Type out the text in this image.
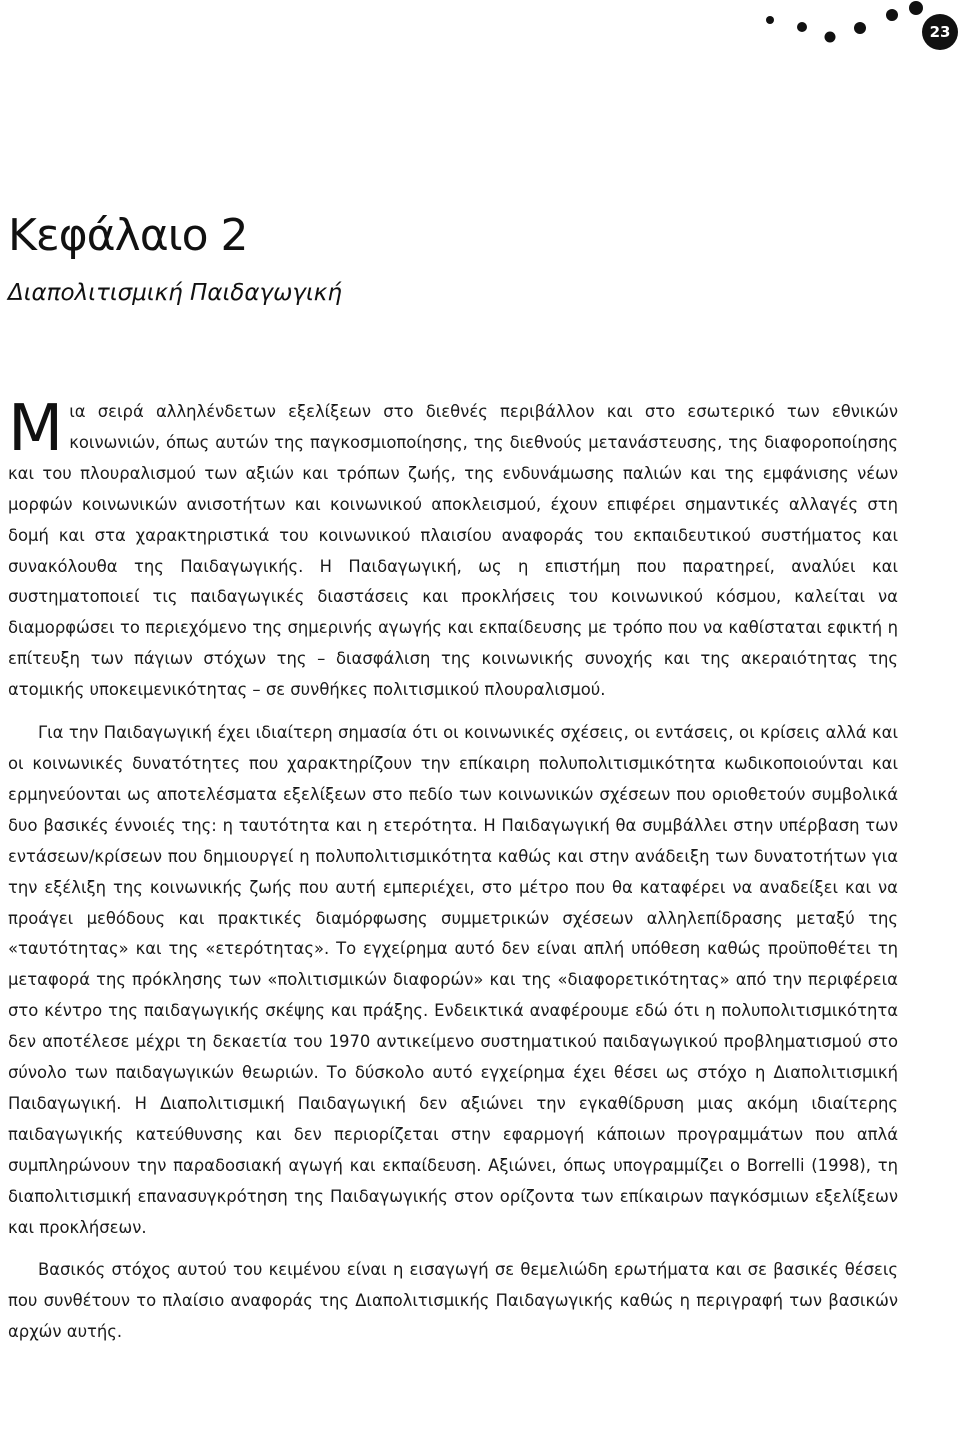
23
Κεφάλαιο 2
Διαπολιτισμική Παιδαγωγική

Μια σειρά αλληλένδετων εξελίξεων στο διεθνές περιβάλλον και στο εσωτερικό των εθνικών κοινωνιών, όπως αυτών της παγκοσμιοποίησης, της διεθνούς μετανάστευσης, της διαφοροποίησης και του πλουραλισμού των αξιών και τρόπων ζωής, της ενδυνάμωσης παλιών και της εμφάνισης νέων μορφών κοινωνικών ανισοτήτων και κοινωνικού αποκλεισμού, έχουν επιφέρει σημαντικές αλλαγές στη δομή και στα χαρακτηριστικά του κοινωνικού πλαισίου αναφοράς του εκπαιδευτικού συστήματος και συνακόλουθα της Παιδαγωγικής. Η Παιδαγωγική, ως η επιστήμη που παρατηρεί, αναλύει και συστηματοποιεί τις παιδαγωγικές διαστάσεις και προκλήσεις του κοινωνικού κόσμου, καλείται να διαμορφώσει το περιεχόμενο της σημερινής αγωγής και εκπαίδευσης με τρόπο που να καθίσταται εφικτή η επίτευξη των πάγιων στόχων της – διασφάλιση της κοινωνικής συνοχής και της ακεραιότητας της ατομικής υποκειμενικότητας – σε συνθήκες πολιτισμικού πλουραλισμού.

Για την Παιδαγωγική έχει ιδιαίτερη σημασία ότι οι κοινωνικές σχέσεις, οι εντάσεις, οι κρίσεις αλλά και οι κοινωνικές δυνατότητες που χαρακτηρίζουν την επίκαιρη πολυπολιτισμικότητα κωδικοποιούνται και ερμηνεύονται ως αποτελέσματα εξελίξεων στο πεδίο των κοινωνικών σχέσεων που οριοθετούν συμβολικά δυο βασικές έννοιές της: η ταυτότητα και η ετερότητα. Η Παιδαγωγική θα συμβάλλει στην υπέρβαση των εντάσεων/κρίσεων που δημιουργεί η πολυπολιτισμικότητα καθώς και στην ανάδειξη των δυνατοτήτων για την εξέλιξη της κοινωνικής ζωής που αυτή εμπεριέχει, στο μέτρο που θα καταφέρει να αναδείξει και να προάγει μεθόδους και πρακτικές διαμόρφωσης συμμετρικών σχέσεων αλληλεπίδρασης μεταξύ της «ταυτότητας» και της «ετερότητας». Το εγχείρημα αυτό δεν είναι απλή υπόθεση καθώς προϋποθέτει τη μεταφορά της πρόκλησης των «πολιτισμικών διαφορών» και της «διαφορετικότητας» από την περιφέρεια στο κέντρο της παιδαγωγικής σκέψης και πράξης. Ενδεικτικά αναφέρουμε εδώ ότι η πολυπολιτισμικότητα δεν αποτέλεσε μέχρι τη δεκαετία του 1970 αντικείμενο συστηματικού παιδαγωγικού προβληματισμού στο σύνολο των παιδαγωγικών θεωριών. Το δύσκολο αυτό εγχείρημα έχει θέσει ως στόχο η Διαπολιτισμική Παιδαγωγική. Η Διαπολιτισμική Παιδαγωγική δεν αξιώνει την εγκαθίδρυση μιας ακόμη ιδιαίτερης παιδαγωγικής κατεύθυνσης και δεν περιορίζεται στην εφαρμογή κάποιων προγραμμάτων που απλά συμπληρώνουν την παραδοσιακή αγωγή και εκπαίδευση. Αξιώνει, όπως υπογραμμίζει ο Borrelli (1998), τη διαπολιτισμική επανασυγκρότηση της Παιδαγωγικής στον ορίζοντα των επίκαιρων παγκόσμιων εξελίξεων και προκλήσεων.

Βασικός στόχος αυτού του κειμένου είναι η εισαγωγή σε θεμελιώδη ερωτήματα και σε βασικές θέσεις που συνθέτουν το πλαίσιο αναφοράς της Διαπολιτισμικής Παιδαγωγικής καθώς η περιγραφή των βασικών αρχών αυτής.
